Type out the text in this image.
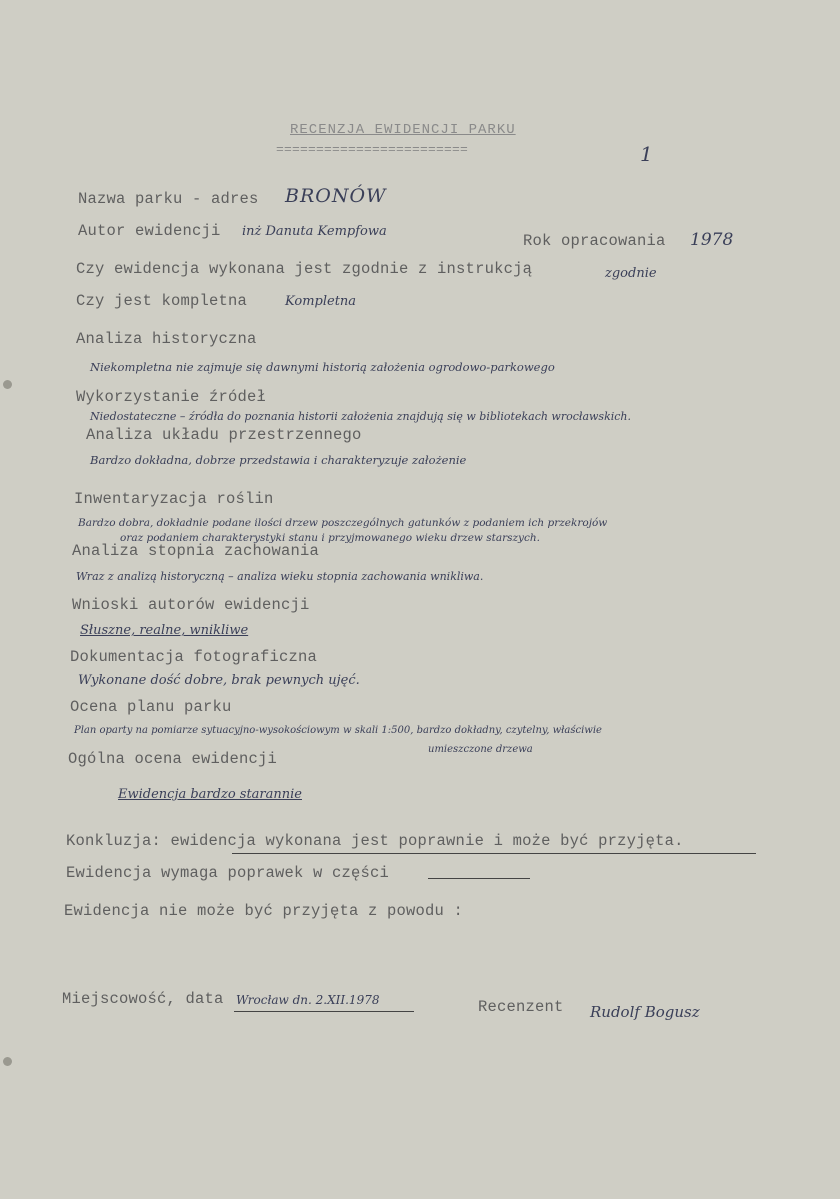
RECENZJA EWIDENCJI PARKU
========================	1
Nazwa parku - adres BRONÓW
Autor ewidencji inż Danuta Kempfowa
Rok opracowania 1978
Czy ewidencja wykonana jest zgodnie z instrukcją	zgodnie
Czy jest kompletna	Kompletna
Analiza historyczna
Niekompletna nie zajmuje się dawnymi historią założenia ogrodowo-parkowego
Wykorzystanie źródeł
Niedostateczne – źródła do poznania historii założenia znajdują się w bibliotekach wrocławskich.
Analiza układu przestrzennego
Bardzo dokładna, dobrze przedstawia i charakteryzuje założenie
Inwentaryzacja roślin
Bardzo dobra, dokładnie podane ilości drzew poszczególnych gatunków z podaniem ich przekrojów
oraz podaniem charakterystyki stanu i przyjmowanego wieku drzew starszych.
Analiza stopnia zachowania
Wraz z analizą historyczną – analiza wieku stopnia zachowania wnikliwa.
Wnioski autorów ewidencji
Słuszne, realne, wnikliwe
Dokumentacja fotograficzna
Wykonane dość dobre, brak pewnych ujęć.
Ocena planu parku
Plan oparty na pomiarze sytuacyjno-wysokościowym w skali 1:500, bardzo dokładny, czytelny, właściwie
umieszczone drzewa
Ogólna ocena ewidencji
Ewidencja bardzo starannie
Konkluzja: ewidencja wykonana jest poprawnie i może być przyjęta.
Ewidencja wymaga poprawek w części
Ewidencja nie może być przyjęta z powodu :
Miejscowość, data Wrocław dn. 2.XII.1978	Recenzent Rudolf Bogusz
